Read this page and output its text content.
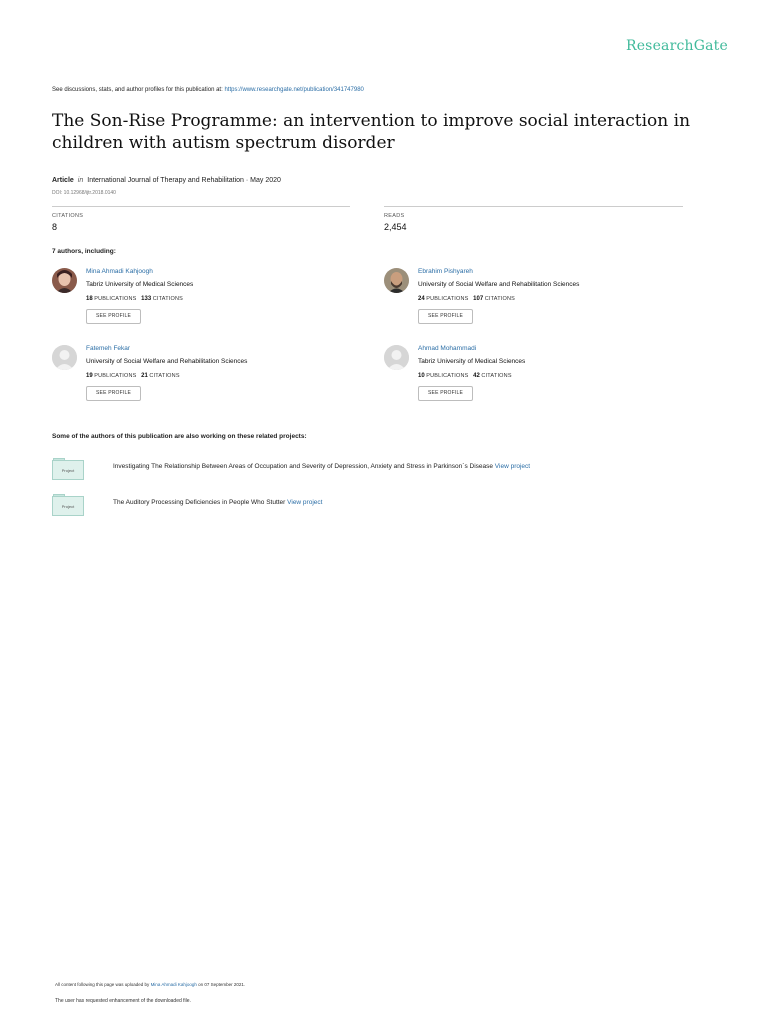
ResearchGate
See discussions, stats, and author profiles for this publication at: https://www.researchgate.net/publication/341747980
The Son-Rise Programme: an intervention to improve social interaction in children with autism spectrum disorder
Article in International Journal of Therapy and Rehabilitation · May 2020
DOI: 10.12968/ijtr.2018.0140
CITATIONS
8
READS
2,454
7 authors, including:
Mina Ahmadi Kahjoogh
Tabriz University of Medical Sciences
18 PUBLICATIONS 133 CITATIONS
SEE PROFILE
Ebrahim Pishyareh
University of Social Welfare and Rehabilitation Sciences
24 PUBLICATIONS 107 CITATIONS
SEE PROFILE
Fatemeh Fekar
University of Social Welfare and Rehabilitation Sciences
19 PUBLICATIONS 21 CITATIONS
SEE PROFILE
Ahmad Mohammadi
Tabriz University of Medical Sciences
10 PUBLICATIONS 42 CITATIONS
SEE PROFILE
Some of the authors of this publication are also working on these related projects:
Project
Investigating The Relationship Between Areas of Occupation and Severity of Depression, Anxiety and Stress in Parkinson`s Disease View project
Project
The Auditory Processing Deficiencies in People Who Stutter View project
All content following this page was uploaded by Mina Ahmadi Kahjoogh on 07 September 2021.
The user has requested enhancement of the downloaded file.
